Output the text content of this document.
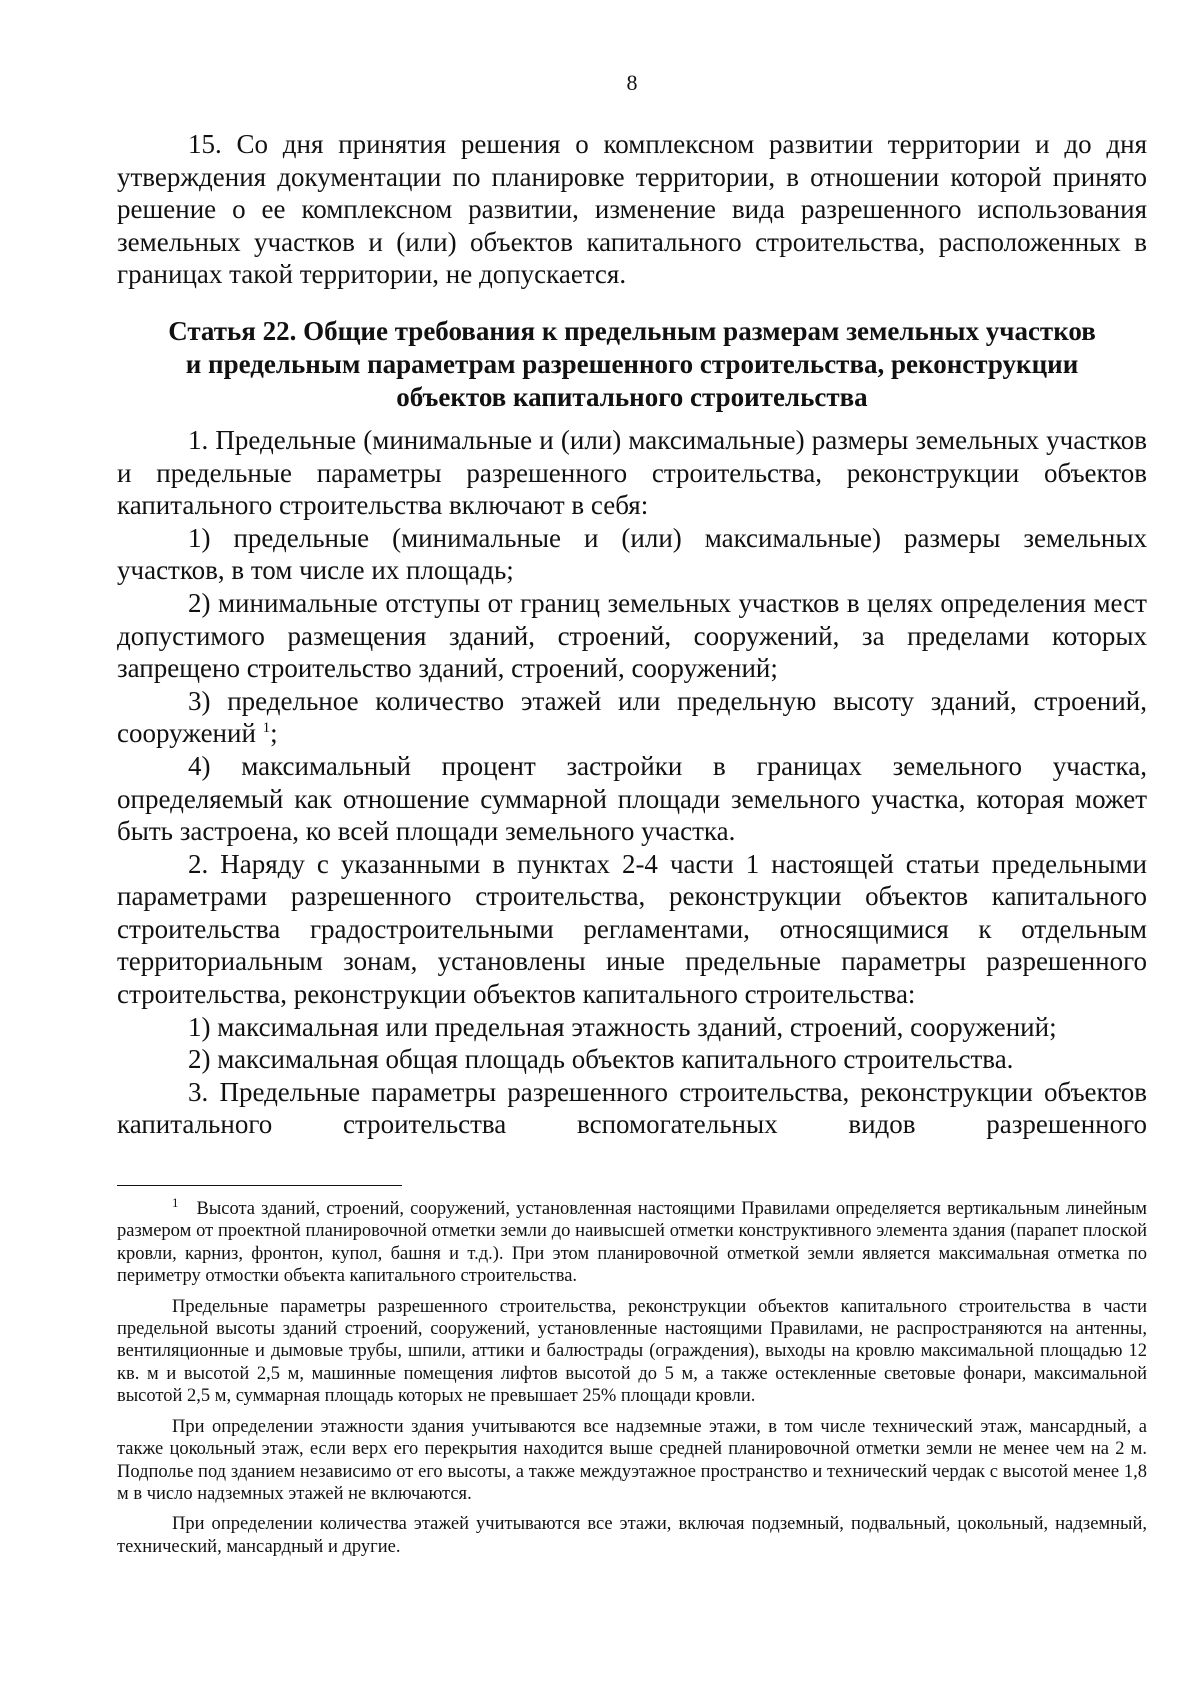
8

15. Со дня принятия решения о комплексном развитии территории и до дня утверждения документации по планировке территории, в отношении которой принято решение о ее комплексном развитии, изменение вида разрешенного использования земельных участков и (или) объектов капитального строительства, расположенных в границах такой территории, не допускается.

Статья 22. Общие требования к предельным размерам земельных участков
и предельным параметрам разрешенного строительства, реконструкции
объектов капитального строительства

1. Предельные (минимальные и (или) максимальные) размеры земельных участков и предельные параметры разрешенного строительства, реконструкции объектов капитального строительства включают в себя:

1) предельные (минимальные и (или) максимальные) размеры земельных участков, в том числе их площадь;

2) минимальные отступы от границ земельных участков в целях определения мест допустимого размещения зданий, строений, сооружений, за пределами которых запрещено строительство зданий, строений, сооружений;

3) предельное количество этажей или предельную высоту зданий, строений, сооружений $^1$;

4) максимальный процент застройки в границах земельного участка, определяемый как отношение суммарной площади земельного участка, которая может быть застроена, ко всей площади земельного участка.

2. Наряду с указанными в пунктах 2-4 части 1 настоящей статьи предельными параметрами разрешенного строительства, реконструкции объектов капитального строительства градостроительными регламентами, относящимися к отдельным территориальным зонам, установлены иные предельные параметры разрешенного строительства, реконструкции объектов капитального строительства:

1) максимальная или предельная этажность зданий, строений, сооружений;

2) максимальная общая площадь объектов капитального строительства.

3. Предельные параметры разрешенного строительства, реконструкции объектов капитального строительства вспомогательных видов разрешенного

$^1$ Высота зданий, строений, сооружений, установленная настоящими Правилами определяется вертикальным линейным размером от проектной планировочной отметки земли до наивысшей отметки конструктивного элемента здания (парапет плоской кровли, карниз, фронтон, купол, башня и т.д.). При этом планировочной отметкой земли является максимальная отметка по периметру отмостки объекта капитального строительства.

Предельные параметры разрешенного строительства, реконструкции объектов капитального строительства в части предельной высоты зданий строений, сооружений, установленные настоящими Правилами, не распространяются на антенны, вентиляционные и дымовые трубы, шпили, аттики и балюстрады (ограждения), выходы на кровлю максимальной площадью 12 кв. м и высотой 2,5 м, машинные помещения лифтов высотой до 5 м, а также остекленные световые фонари, максимальной высотой 2,5 м, суммарная площадь которых не превышает 25% площади кровли.

При определении этажности здания учитываются все надземные этажи, в том числе технический этаж, мансардный, а также цокольный этаж, если верх его перекрытия находится выше средней планировочной отметки земли не менее чем на 2 м. Подполье под зданием независимо от его высоты, а также междуэтажное пространство и технический чердак с высотой менее 1,8 м в число надземных этажей не включаются.

При определении количества этажей учитываются все этажи, включая подземный, подвальный, цокольный, надземный, технический, мансардный и другие.
